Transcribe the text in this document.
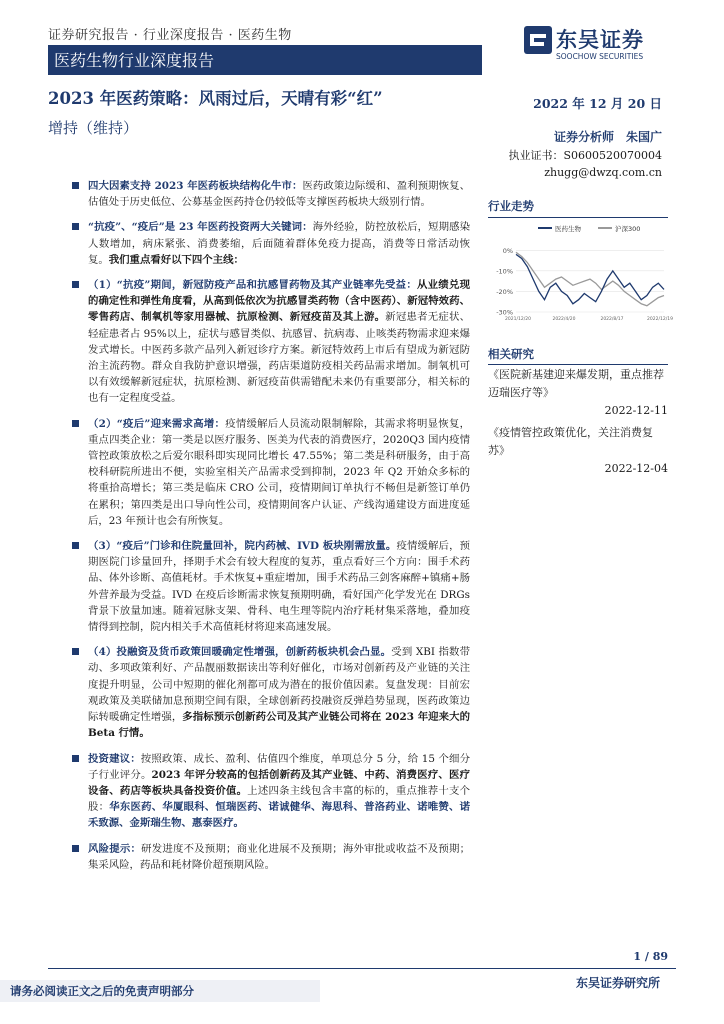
证券研究报告 · 行业深度报告 · 医药生物
医药生物行业深度报告
东吴证券
SOOCHOW SECURITIES
2023 年医药策略：风雨过后，天晴有彩“红”	2022 年 12 月 20 日
增持（维持）	证券分析师　朱国广
执业证书：S0600520070004
zhugg@dwzq.com.cn
四大因素支持 2023 年医药板块结构化牛市：医药政策边际缓和、盈利预期恢复、估值处于历史低位、公募基金医药持仓仍较低等支撑医药板块大级别行情。
“抗疫”、“疫后”是 23 年医药投资两大关键词：海外经验，防控放松后，短期感染人数增加，病床紧张、消费萎缩，后面随着群体免疫力提高，消费等日常活动恢复。我们重点看好以下四个主线：
（1）“抗疫”期间，新冠防疫产品和抗感冒药物及其产业链率先受益：从业绩兑现的确定性和弹性角度看，从高到低依次为抗感冒类药物（含中医药）、新冠特效药、零售药店、制氧机等家用器械、抗原检测、新冠疫苗及其上游。新冠患者无症状、轻症患者占 95%以上，症状与感冒类似、抗感冒、抗病毒、止咳类药物需求迎来爆发式增长。中医药多款产品列入新冠诊疗方案。新冠特效药上市后有望成为新冠防治主流药物。群众自我防护意识增强，药店渠道防疫相关药品需求增加。制氧机可以有效缓解新冠症状，抗原检测、新冠疫苗供需错配未来仍有重要部分，相关标的也有一定程度受益。
（2）“疫后”迎来需求高增：疫情缓解后人员流动限制解除，其需求将明显恢复，重点四类企业：第一类是以医疗服务、医美为代表的消费医疗，2020Q3 国内疫情管控政策放松之后爱尔眼科即实现同比增长 47.55%；第二类是科研服务，由于高校科研院所进出不便，实验室相关产品需求受到抑制，2023 年 Q2 开始众多标的将重拾高增长；第三类是临床 CRO 公司，疫情期间订单执行不畅但是新签订单仍在累积；第四类是出口导向性公司，疫情期间客户认证、产线沟通建设方面进度延后，23 年预计也会有所恢复。
（3）“疫后”门诊和住院量回补，院内药械、IVD 板块刚需放量。疫情缓解后，预期医院门诊量回升，择期手术会有较大程度的复苏，重点看好三个方向：围手术药品、体外诊断、高值耗材。手术恢复+重症增加，围手术药品三剑客麻醉+镇痛+肠外营养最为受益。IVD 在疫后诊断需求恢复预期明确，看好国产化学发光在 DRGs 背景下放量加速。随着冠脉支架、骨科、电生理等院内治疗耗材集采落地，叠加疫情得到控制，院内相关手术高值耗材将迎来高速发展。
（4）投融资及货币政策回暖确定性增强，创新药板块机会凸显。受到 XBI 指数带动、多项政策利好、产品靓丽数据读出等利好催化，市场对创新药及产业链的关注度提升明显，公司中短期的催化剂都可成为潜在的报价值因素。复盘发现：目前宏观政策及美联储加息预期空间有限，全球创新药投融资反弹趋势显现，医药政策边际转暖确定性增强，多指标预示创新药公司及其产业链公司将在 2023 年迎来大的 Beta 行情。
投资建议：按照政策、成长、盈利、估值四个维度，单项总分 5 分，给 15 个细分子行业评分。2023 年评分较高的包括创新药及其产业链、中药、消费医疗、医疗设备、药店等板块具备投资价值。上述四条主线包含丰富的标的，重点推荐十支个股：华东医药、华厦眼科、恒瑞医药、诺诚健华、海思科、普洛药业、诺唯赞、诺禾致源、金斯瑞生物、惠泰医疗。
风险提示：研发进度不及预期；商业化进展不及预期；海外审批或收益不及预期；集采风险，药品和耗材降价超预期风险。
行业走势
医药生物	沪深300
0%
-10%
-20%
-30%
2021/12/20	2022/4/20	2022/8/17	2022/12/19
相关研究
《医院新基建迎来爆发期，重点推荐迈瑞医疗等》
2022-12-11
《疫情管控政策优化，关注消费复苏》
2022-12-04
1 / 89
请务必阅读正文之后的免责声明部分
东吴证券研究所
